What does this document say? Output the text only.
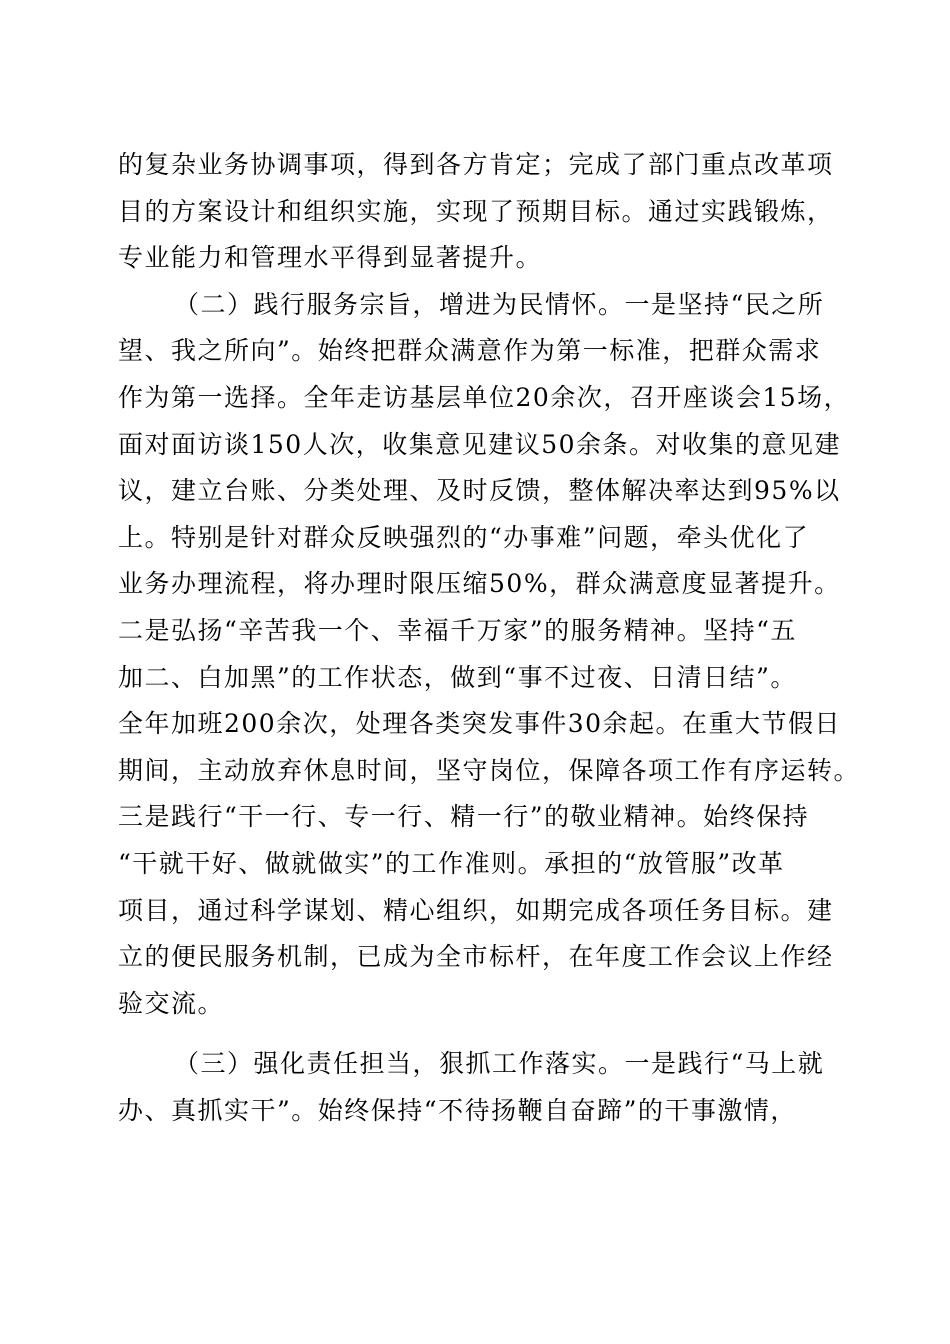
的复杂业务协调事项，得到各方肯定；完成了部门重点改革项
目的方案设计和组织实施，实现了预期目标。通过实践锻炼，
专业能力和管理水平得到显著提升。
（二）践行服务宗旨，增进为民情怀。一是坚持“民之所
望、我之所向”。始终把群众满意作为第一标准，把群众需求
作为第一选择。全年走访基层单位20余次，召开座谈会15场，
面对面访谈150人次，收集意见建议50余条。对收集的意见建
议，建立台账、分类处理、及时反馈，整体解决率达到95%以
上。特别是针对群众反映强烈的“办事难”问题，牵头优化了
业务办理流程，将办理时限压缩50%，群众满意度显著提升。
二是弘扬“辛苦我一个、幸福千万家”的服务精神。坚持“五
加二、白加黑”的工作状态，做到“事不过夜、日清日结”。
全年加班200余次，处理各类突发事件30余起。在重大节假日
期间，主动放弃休息时间，坚守岗位，保障各项工作有序运转。
三是践行“干一行、专一行、精一行”的敬业精神。始终保持
“干就干好、做就做实”的工作准则。承担的“放管服”改革
项目，通过科学谋划、精心组织，如期完成各项任务目标。建
立的便民服务机制，已成为全市标杆，在年度工作会议上作经
验交流。
（三）强化责任担当，狠抓工作落实。一是践行“马上就
办、真抓实干”。始终保持“不待扬鞭自奋蹄”的干事激情，
